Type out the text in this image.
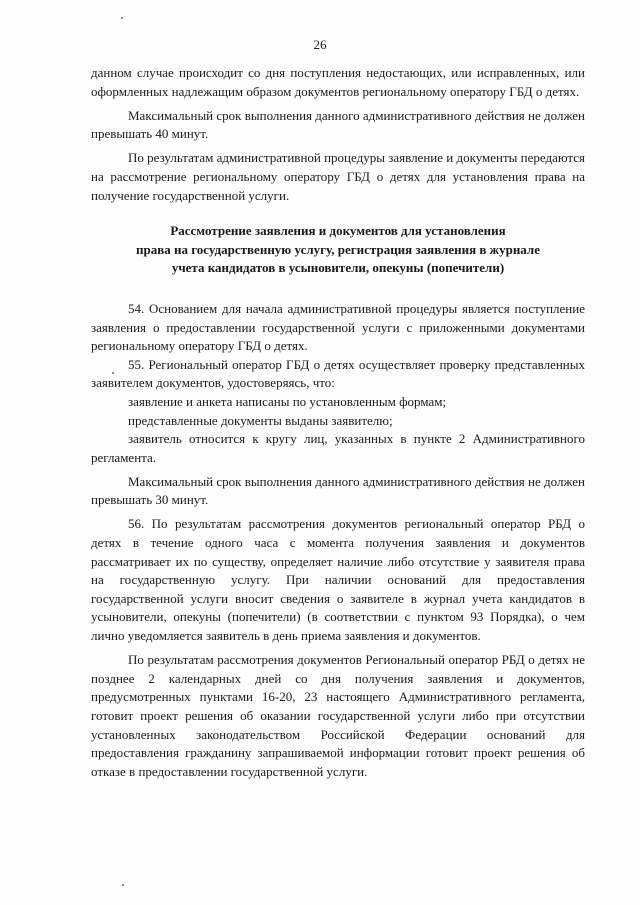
26

данном случае происходит со дня поступления недостающих, или исправленных, или оформленных надлежащим образом документов региональному оператору ГБД о детях.

Максимальный срок выполнения данного административного действия не должен превышать 40 минут.

По результатам административной процедуры заявление и документы передаются на рассмотрение региональному оператору ГБД о детях для установления права на получение государственной услуги.

Рассмотрение заявления и документов для установления
права на государственную услугу, регистрация заявления в журнале
учета кандидатов в усыновители, опекуны (попечители)

54. Основанием для начала административной процедуры является поступление заявления о предоставлении государственной услуги с приложенными документами региональному оператору ГБД о детях.

55. Региональный оператор ГБД о детях осуществляет проверку представленных заявителем документов, удостоверяясь, что:

заявление и анкета написаны по установленным формам;

представленные документы выданы заявителю;

заявитель относится к кругу лиц, указанных в пункте 2 Административного регламента.

Максимальный срок выполнения данного административного действия не должен превышать 30 минут.

56. По результатам рассмотрения документов региональный оператор РБД о детях в течение одного часа с момента получения заявления и документов рассматривает их по существу, определяет наличие либо отсутствие у заявителя права на государственную услугу. При наличии оснований для предоставления государственной услуги вносит сведения о заявителе в журнал учета кандидатов в усыновители, опекуны (попечители) (в соответствии с пунктом 93 Порядка), о чем лично уведомляется заявитель в день приема заявления и документов.

По результатам рассмотрения документов Региональный оператор РБД о детях не позднее 2 календарных дней со дня получения заявления и документов, предусмотренных пунктами 16-20, 23 настоящего Административного регламента, готовит проект решения об оказании государственной услуги либо при отсутствии установленных законодательством Российской Федерации оснований для предоставления гражданину запрашиваемой информации готовит проект решения об отказе в предоставлении государственной услуги.
